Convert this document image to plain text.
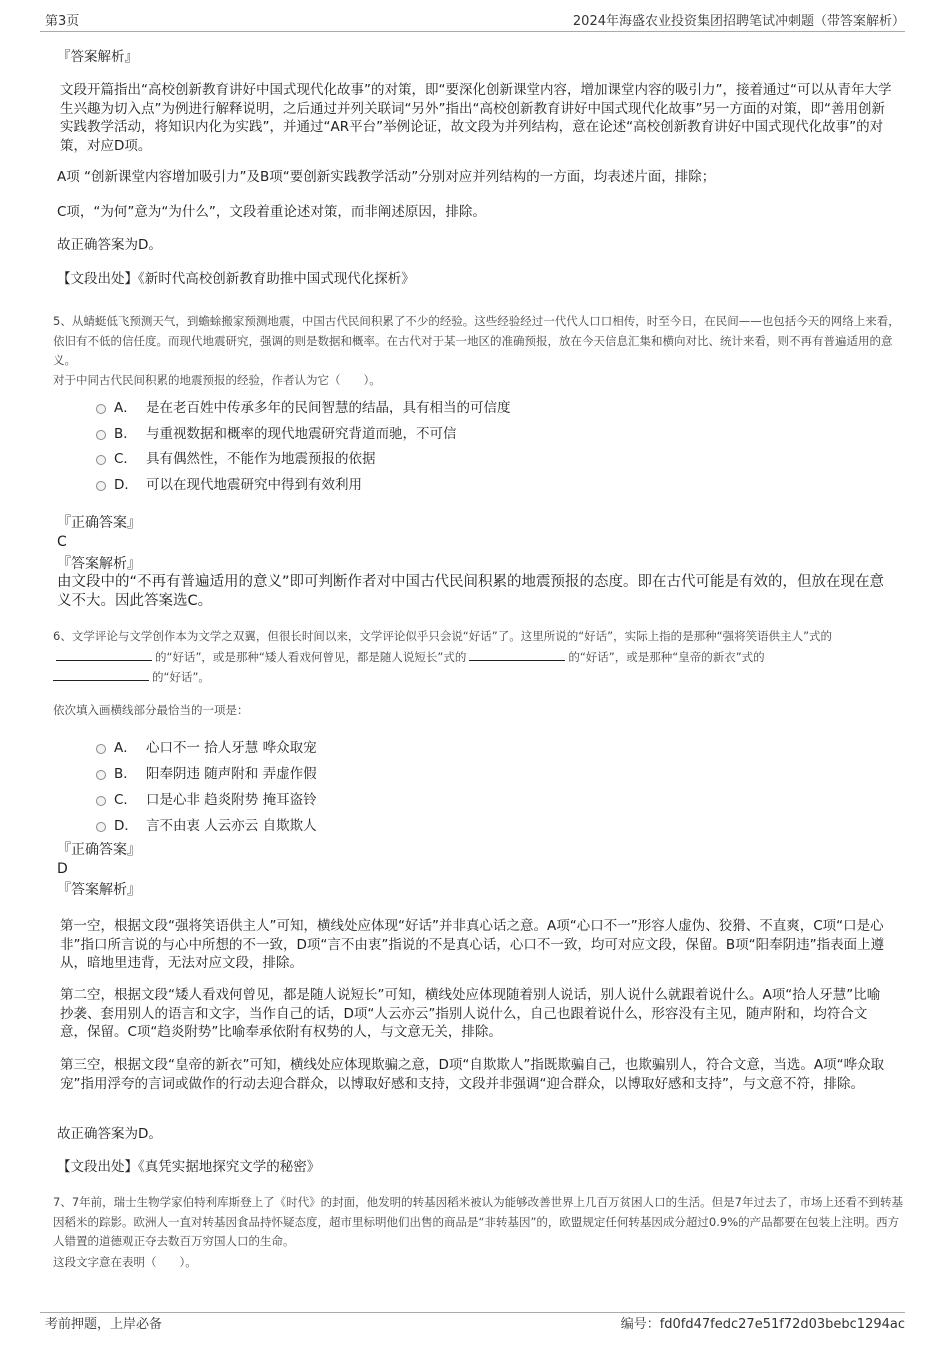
第3页	2024年海盛农业投资集团招聘笔试冲刺题（带答案解析）
『答案解析』
文段开篇指出“高校创新教育讲好中国式现代化故事”的对策，即“要深化创新课堂内容，增加课堂内容的吸引力”，接着通过“可以从青年大学生兴趣为切入点”为例进行解释说明，之后通过并列关联词“另外”指出“高校创新教育讲好中国式现代化故事”另一方面的对策，即“善用创新实践教学活动，将知识内化为实践”，并通过“AR平台”举例论证，故文段为并列结构，意在论述“高校创新教育讲好中国式现代化故事”的对策，对应D项。
A项 “创新课堂内容增加吸引力”及B项“要创新实践教学活动”分别对应并列结构的一方面，均表述片面，排除；
C项，“为何”意为“为什么”，文段着重论述对策，而非阐述原因，排除。
故正确答案为D。
【文段出处】《新时代高校创新教育助推中国式现代化探析》
5、从蜻蜓低飞预测天气，到蟾蜍搬家预测地震，中国古代民间积累了不少的经验。这些经验经过一代代人口口相传，时至今日，在民间——也包括今天的网络上来看，依旧有不低的信任度。而现代地震研究，强调的则是数据和概率。在古代对于某一地区的准确预报，放在今天信息汇集和横向对比、统计来看，则不再有普遍适用的意义。
对于中同古代民间积累的地震预报的经验，作者认为它（　　）。
A． 是在老百姓中传承多年的民间智慧的结晶，具有相当的可信度
B． 与重视数据和概率的现代地震研究背道而驰，不可信
C． 具有偶然性，不能作为地震预报的依据
D． 可以在现代地震研究中得到有效利用
『正确答案』
C
『答案解析』
由文段中的“不再有普遍适用的意义”即可判断作者对中国古代民间积累的地震预报的态度。即在古代可能是有效的，但放在现在意义不大。因此答案选C。
6、文学评论与文学创作本为文学之双翼，但很长时间以来，文学评论似乎只会说“好话”了。这里所说的“好话”，实际上指的是那种“强将笑语供主人”式的的“好话”，或是那种“矮人看戏何曾见，都是随人说短长”式的	的“好话”，或是那种“皇帝的新衣”式的
的“好话”。
依次填入画横线部分最恰当的一项是：
A． 心口不一 拾人牙慧 哗众取宠
B． 阳奉阴违 随声附和 弄虚作假
C． 口是心非 趋炎附势 掩耳盗铃
D． 言不由衷 人云亦云 自欺欺人
『正确答案』
D
『答案解析』
第一空，根据文段“强将笑语供主人”可知，横线处应体现“好话”并非真心话之意。A项“心口不一”形容人虚伪、狡猾、不直爽，C项“口是心非”指口所言说的与心中所想的不一致，D项“言不由衷”指说的不是真心话，心口不一致，均可对应文段，保留。B项“阳奉阴违”指表面上遵从，暗地里违背，无法对应文段，排除。
第二空，根据文段“矮人看戏何曾见，都是随人说短长”可知，横线处应体现随着别人说话，别人说什么就跟着说什么。A项“拾人牙慧”比喻抄袭、套用别人的语言和文字，当作自己的话，D项“人云亦云”指别人说什么，自己也跟着说什么，形容没有主见，随声附和，均符合文意，保留。C项“趋炎附势”比喻奉承依附有权势的人，与文意无关，排除。
第三空，根据文段“皇帝的新衣”可知，横线处应体现欺骗之意，D项“自欺欺人”指既欺骗自己，也欺骗别人，符合文意，当选。A项“哗众取宠”指用浮夸的言词或做作的行动去迎合群众，以博取好感和支持，文段并非强调“迎合群众，以博取好感和支持”，与文意不符，排除。
故正确答案为D。
【文段出处】《真凭实据地探究文学的秘密》
7、7年前，瑞士生物学家伯特利库斯登上了《时代》的封面，他发明的转基因稻米被认为能够改善世界上几百万贫困人口的生活。但是7年过去了，市场上还看不到转基因稻米的踪影。欧洲人一直对转基因食品持怀疑态度，超市里标明他们出售的商品是“非转基因”的，欧盟规定任何转基因成分超过0.9%的产品都要在包装上注明。西方人错置的道德观正夺去数百万穷国人口的生命。
这段文字意在表明（　　）。
考前押题，上岸必备	编号：fd0fd47fedc27e51f72d03bebc1294ac
